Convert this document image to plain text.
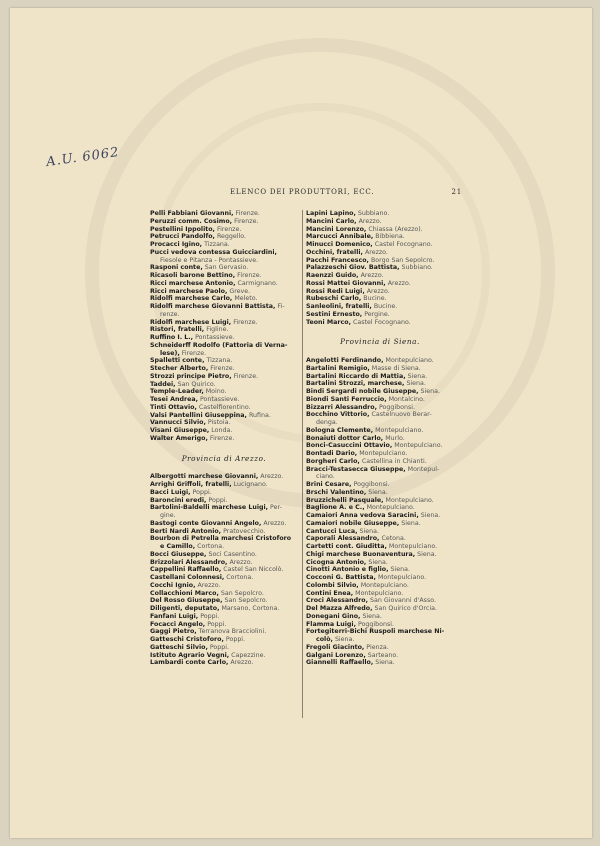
A.U. 6062
ELENCO DEI PRODUTTORI, ECC.	21
Pelli Fabbiani Giovanni, Firenze.
Peruzzi comm. Cosimo, Firenze.
Pestellini Ippolito, Firenze.
Petrucci Pandolfo, Reggello.
Procacci Igino, Tizzana.
Pucci vedova contessa Guicciardini,
Fiesole e Pitanza - Pontassieve.
Rasponi conte, San Gervasio.
Ricasoli barone Bettino, Firenze.
Ricci marchese Antonio, Carmignano.
Ricci marchese Paolo, Greve.
Ridolfi marchese Carlo, Meleto.
Ridolfi marchese Giovanni Battista, Fi-
renze.
Ridolfi marchese Luigi, Firenze.
Ristori, fratelli, Figline.
Ruffino I. L., Pontassieve.
Schneiderff Rodolfo (Fattoria di Verna-
lese), Firenze.
Spalletti conte, Tizzana.
Stecher Alberto, Firenze.
Strozzi principe Pietro, Firenze.
Taddei, San Quirico.
Temple-Leader, Moino.
Tesei Andrea, Pontassieve.
Tinti Ottavio, Castelfiorentino.
Valsi Pantellini Giuseppina, Rufina.
Vannucci Silvio, Pistoia.
Visani Giuseppe, Londa.
Walter Amerigo, Firenze.
Provincia di Arezzo.
Albergotti marchese Giovanni, Arezzo.
Arrighi Griffoli, fratelli, Lucignano.
Bacci Luigi, Poppi.
Baroncini eredi, Poppi.
Bartolini-Baldelli marchese Luigi, Per-
gine.
Bastogi conte Giovanni Angelo, Arezzo.
Berti Nardi Antonio, Pratovecchio.
Bourbon di Petrella marchesi Cristoforo
e Camillo, Cortona.
Bocci Giuseppe, Soci Casentino.
Brizzolari Alessandro, Arezzo.
Cappellini Raffaello, Castel San Niccolò.
Castellani Colonnesi, Cortona.
Cocchi Ignio, Arezzo.
Collacchioni Marco, San Sepolcro.
Del Rosso Giuseppe, San Sepolcro.
Diligenti, deputato, Marsano, Cortona.
Fanfani Luigi, Poppi.
Focacci Angelo, Poppi.
Gaggi Pietro, Terranova Bracciolini.
Gatteschi Cristoforo, Poppi.
Gatteschi Silvio, Poppi.
Istituto Agrario Vegni, Capezzine.
Lambardi conte Carlo, Arezzo.
Lapini Lapino, Subbiano.
Mancini Carlo, Arezzo.
Mancini Lorenzo, Chiassa (Arezzo).
Marcucci Annibale, Bibbiena.
Minucci Domenico, Castel Focognano.
Occhini, fratelli, Arezzo.
Pacchi Francesco, Borgo San Sepolcro.
Palazzeschi Giov. Battista, Subbiano.
Raenzzi Guido, Arezzo.
Rossi Mattei Giovanni, Arezzo.
Rossi Redi Luigi, Arezzo.
Rubeschi Carlo, Bucine.
Sanleolini, fratelli, Bucine.
Sestini Ernesto, Pergine.
Teoni Marco, Castel Focognano.
Provincia di Siena.
Angelotti Ferdinando, Montepulciano.
Bartalini Remigio, Masse di Siena.
Bartalini Riccardo di Mattia, Siena.
Bartalini Strozzi, marchese, Siena.
Bindi Sergardi nobile Giuseppe, Siena.
Biondi Santi Ferruccio, Montalcino.
Bizzarri Alessandro, Poggibonsi.
Bocchino Vittorio, Castelnuovo Berar-
denga.
Bologna Clemente, Montepulciano.
Bonaiuti dottor Carlo, Murlo.
Bonci-Casuccini Ottavio, Montepulciano.
Bontadi Dario, Montepulciano.
Borgheri Carlo, Castellina in Chianti.
Bracci-Testasecca Giuseppe, Montepul-
ciano.
Brini Cesare, Poggibonsi.
Brschi Valentino, Siena.
Bruzzichelli Pasquale, Montepulciano.
Baglione A. e C., Montepulciano.
Camaiori Anna vedova Saracini, Siena.
Camaiori nobile Giuseppe, Siena.
Cantucci Luca, Siena.
Caporali Alessandro, Cetona.
Cartetti cont. Giuditta, Montepulciano.
Chigi marchese Buonaventura, Siena.
Cicogna Antonio, Siena.
Cinotti Antonio e figlio, Siena.
Cocconi G. Battista, Montepulciano.
Colombi Silvio, Montepulciano.
Contini Enea, Montepulciano.
Croci Alessandro, San Giovanni d'Asso.
Del Mazza Alfredo, San Quirico d'Orcia.
Donegani Gino, Siena.
Flamma Luigi, Poggibonsi.
Fortegiterri-Bichi Ruspoli marchese Ni-
colò, Siena.
Fregoli Giacinto, Pienza.
Galgani Lorenzo, Sarteano.
Giannelli Raffaello, Siena.
